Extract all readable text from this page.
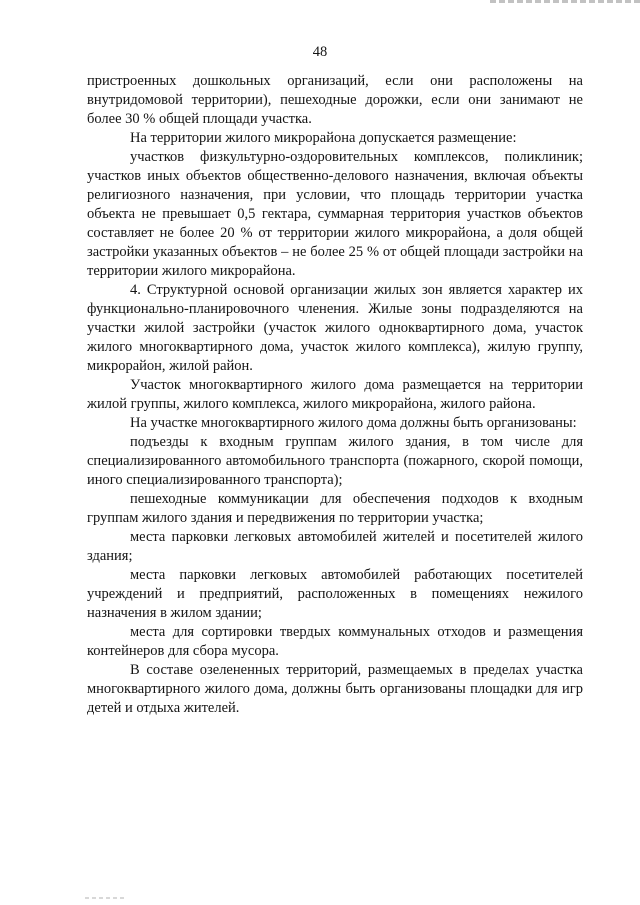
48

пристроенных дошкольных организаций, если они расположены на внутридомовой территории), пешеходные дорожки, если они занимают не более 30 % общей площади участка.

На территории жилого микрорайона допускается размещение:

участков физкультурно-оздоровительных комплексов, поликлиник; участков иных объектов общественно-делового назначения, включая объекты религиозного назначения, при условии, что площадь территории участка объекта не превышает 0,5 гектара, суммарная территория участков объектов составляет не более 20 % от территории жилого микрорайона, а доля общей застройки указанных объектов – не более 25 % от общей площади застройки на территории жилого микрорайона.

4. Структурной основой организации жилых зон является характер их функционально-планировочного членения. Жилые зоны подразделяются на участки жилой застройки (участок жилого одноквартирного дома, участок жилого многоквартирного дома, участок жилого комплекса), жилую группу, микрорайон, жилой район.

Участок многоквартирного жилого дома размещается на территории жилой группы, жилого комплекса, жилого микрорайона, жилого района.

На участке многоквартирного жилого дома должны быть организованы:

подъезды к входным группам жилого здания, в том числе для специализированного автомобильного транспорта (пожарного, скорой помощи, иного специализированного транспорта);

пешеходные коммуникации для обеспечения подходов к входным группам жилого здания и передвижения по территории участка;

места парковки легковых автомобилей жителей и посетителей жилого здания;

места парковки легковых автомобилей работающих посетителей учреждений и предприятий, расположенных в помещениях нежилого назначения в жилом здании;

места для сортировки твердых коммунальных отходов и размещения контейнеров для сбора мусора.

В составе озелененных территорий, размещаемых в пределах участка многоквартирного жилого дома, должны быть организованы площадки для игр детей и отдыха жителей.
